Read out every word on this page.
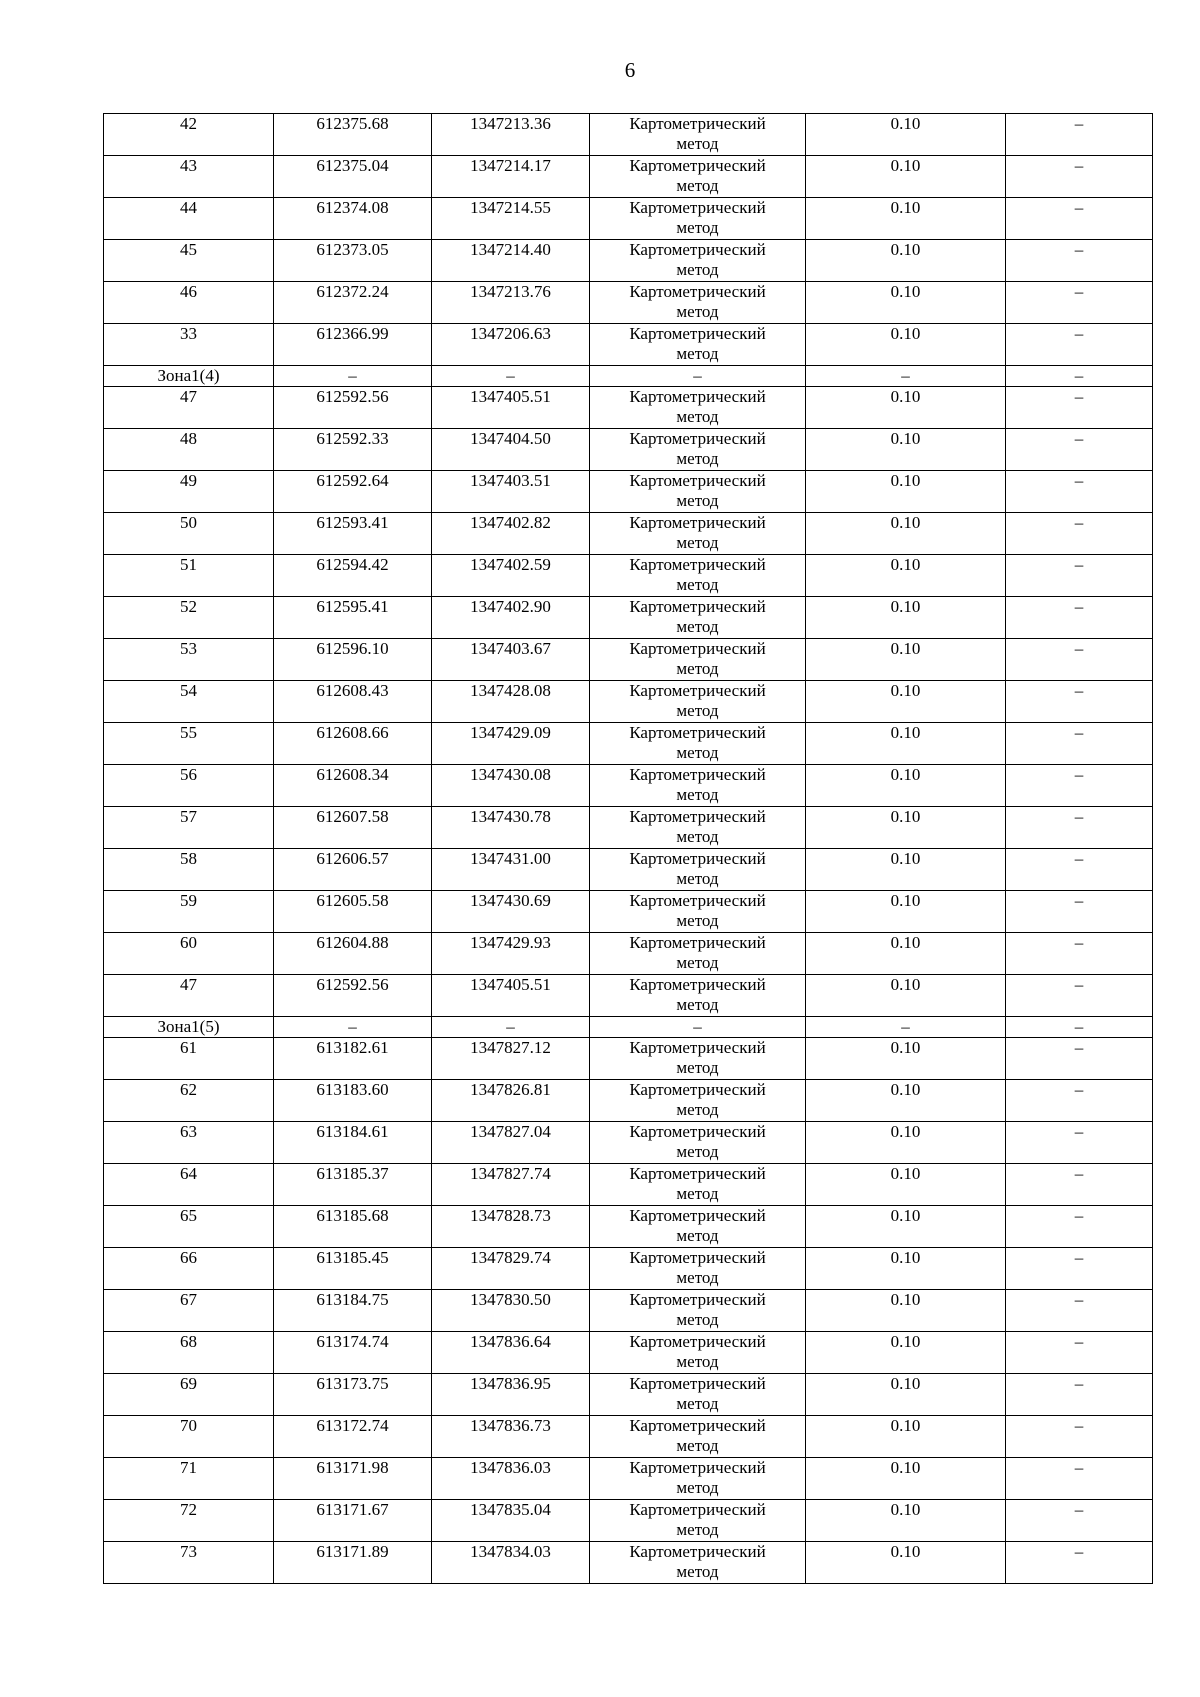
6
42	612375.68	1347213.36	Картометрический
метод	0.10	–
43	612375.04	1347214.17	Картометрический
метод	0.10	–
44	612374.08	1347214.55	Картометрический
метод	0.10	–
45	612373.05	1347214.40	Картометрический
метод	0.10	–
46	612372.24	1347213.76	Картометрический
метод	0.10	–
33	612366.99	1347206.63	Картометрический
метод	0.10	–
Зона1(4)	–	–	–	–	–
47	612592.56	1347405.51	Картометрический
метод	0.10	–
48	612592.33	1347404.50	Картометрический
метод	0.10	–
49	612592.64	1347403.51	Картометрический
метод	0.10	–
50	612593.41	1347402.82	Картометрический
метод	0.10	–
51	612594.42	1347402.59	Картометрический
метод	0.10	–
52	612595.41	1347402.90	Картометрический
метод	0.10	–
53	612596.10	1347403.67	Картометрический
метод	0.10	–
54	612608.43	1347428.08	Картометрический
метод	0.10	–
55	612608.66	1347429.09	Картометрический
метод	0.10	–
56	612608.34	1347430.08	Картометрический
метод	0.10	–
57	612607.58	1347430.78	Картометрический
метод	0.10	–
58	612606.57	1347431.00	Картометрический
метод	0.10	–
59	612605.58	1347430.69	Картометрический
метод	0.10	–
60	612604.88	1347429.93	Картометрический
метод	0.10	–
47	612592.56	1347405.51	Картометрический
метод	0.10	–
Зона1(5)	–	–	–	–	–
61	613182.61	1347827.12	Картометрический
метод	0.10	–
62	613183.60	1347826.81	Картометрический
метод	0.10	–
63	613184.61	1347827.04	Картометрический
метод	0.10	–
64	613185.37	1347827.74	Картометрический
метод	0.10	–
65	613185.68	1347828.73	Картометрический
метод	0.10	–
66	613185.45	1347829.74	Картометрический
метод	0.10	–
67	613184.75	1347830.50	Картометрический
метод	0.10	–
68	613174.74	1347836.64	Картометрический
метод	0.10	–
69	613173.75	1347836.95	Картометрический
метод	0.10	–
70	613172.74	1347836.73	Картометрический
метод	0.10	–
71	613171.98	1347836.03	Картометрический
метод	0.10	–
72	613171.67	1347835.04	Картометрический
метод	0.10	–
73	613171.89	1347834.03	Картометрический
метод	0.10	–
